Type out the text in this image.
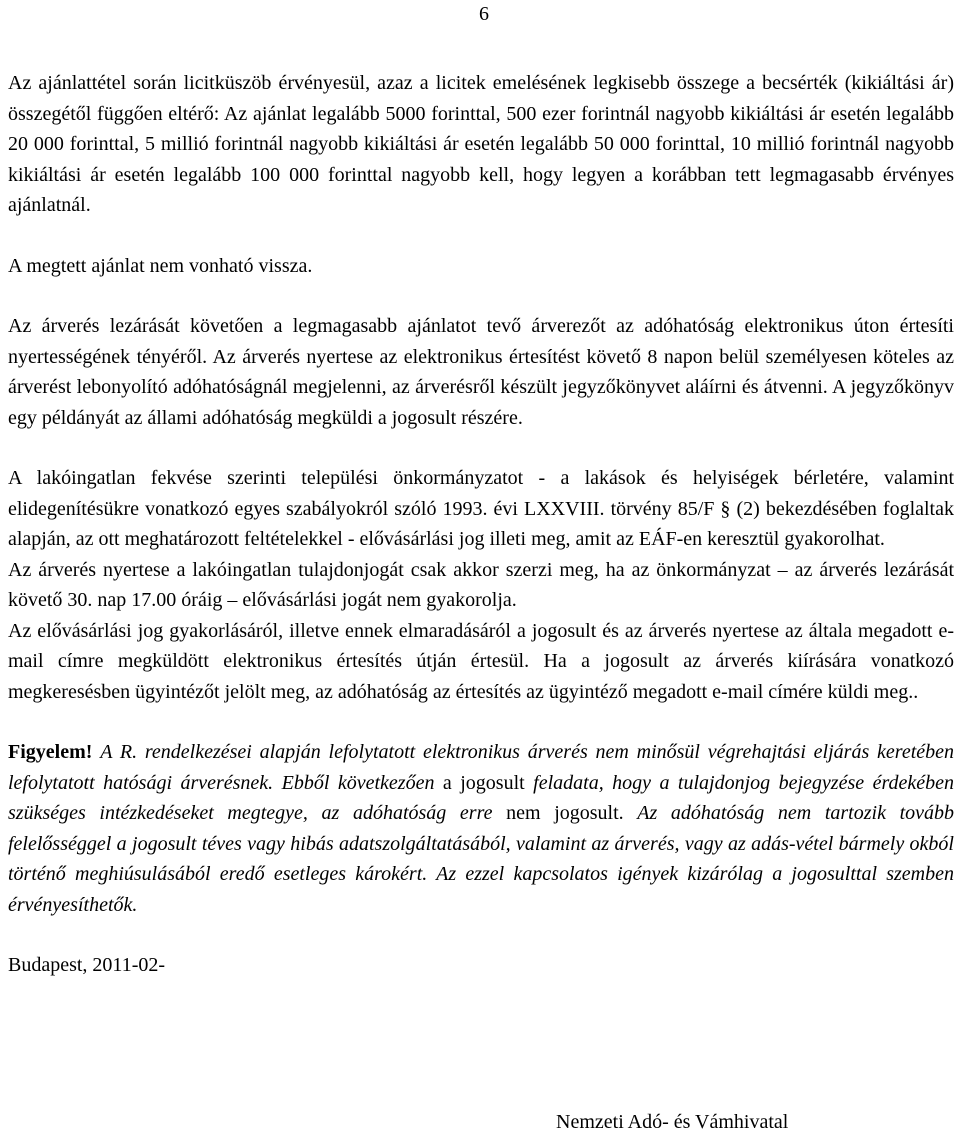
6

Az ajánlattétel során licitküszöb érvényesül, azaz a licitek emelésének legkisebb összege a becsérték (kikiáltási ár) összegétől függően eltérő: Az ajánlat legalább 5000 forinttal, 500 ezer forintnál nagyobb kikiáltási ár esetén legalább 20 000 forinttal, 5 millió forintnál nagyobb kikiáltási ár esetén legalább 50 000 forinttal, 10 millió forintnál nagyobb kikiáltási ár esetén legalább 100 000 forinttal nagyobb kell, hogy legyen a korábban tett legmagasabb érvényes ajánlatnál.

A megtett ajánlat nem vonható vissza.

Az árverés lezárását követően a legmagasabb ajánlatot tevő árverezőt az adóhatóság elektronikus úton értesíti nyertességének tényéről. Az árverés nyertese az elektronikus értesítést követő 8 napon belül személyesen köteles az árverést lebonyolító adóhatóságnál megjelenni, az árverésről készült jegyzőkönyvet aláírni és átvenni. A jegyzőkönyv egy példányát az állami adóhatóság megküldi a jogosult részére.

A lakóingatlan fekvése szerinti települési önkormányzatot - a lakások és helyiségek bérletére, valamint elidegenítésükre vonatkozó egyes szabályokról szóló 1993. évi LXXVIII. törvény 85/F § (2) bekezdésében foglaltak alapján, az ott meghatározott feltételekkel - elővásárlási jog illeti meg, amit az EÁF-en keresztül gyakorolhat.

Az árverés nyertese a lakóingatlan tulajdonjogát csak akkor szerzi meg, ha az önkormányzat – az árverés lezárását követő 30. nap 17.00 óráig – elővásárlási jogát nem gyakorolja.

Az elővásárlási jog gyakorlásáról, illetve ennek elmaradásáról a jogosult és az árverés nyertese az általa megadott e-mail címre megküldött elektronikus értesítés útján értesül. Ha a jogosult az árverés kiírására vonatkozó megkeresésben ügyintézőt jelölt meg, az adóhatóság az értesítés az ügyintéző megadott e-mail címére küldi meg..

Figyelem! A R. rendelkezései alapján lefolytatott elektronikus árverés nem minősül végrehajtási eljárás keretében lefolytatott hatósági árverésnek. Ebből következően a jogosult feladata, hogy a tulajdonjog bejegyzése érdekében szükséges intézkedéseket megtegye, az adóhatóság erre nem jogosult. Az adóhatóság nem tartozik tovább felelősséggel a jogosult téves vagy hibás adatszolgáltatásából, valamint az árverés, vagy az adás-vétel bármely okból történő meghiúsulásából eredő esetleges károkért. Az ezzel kapcsolatos igények kizárólag a jogosulttal szemben érvényesíthetők.

Budapest, 2011-02-

Nemzeti Adó- és Vámhivatal
